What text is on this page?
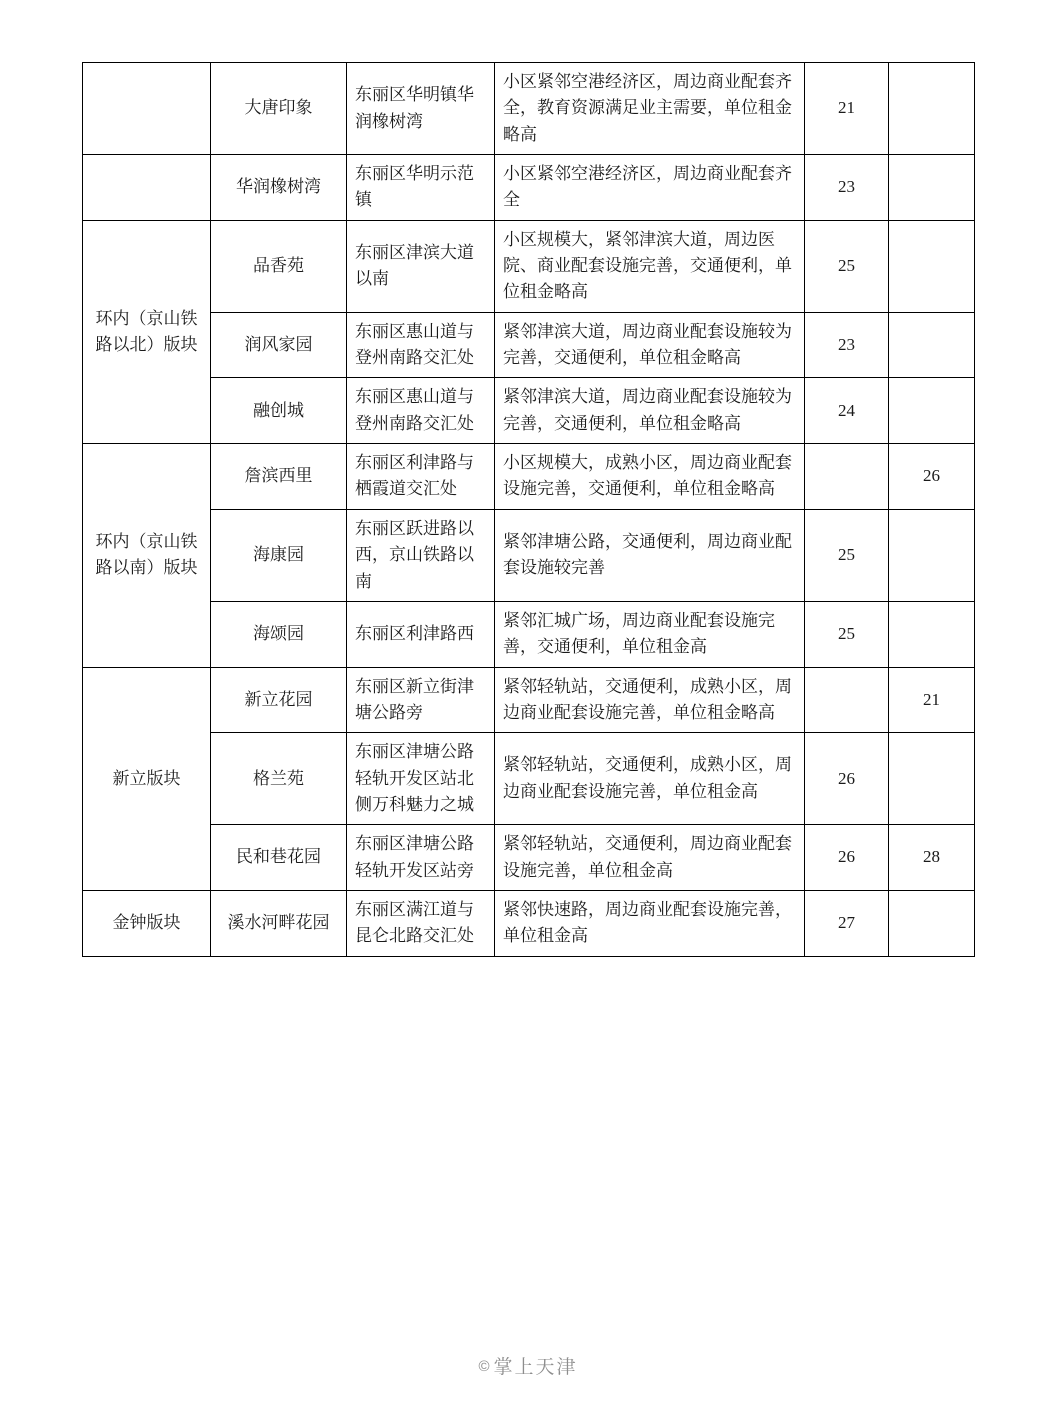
	大唐印象	东丽区华明镇华润橡树湾	小区紧邻空港经济区，周边商业配套齐全，教育资源满足业主需要，单位租金略高	21	
	华润橡树湾	东丽区华明示范镇	小区紧邻空港经济区，周边商业配套齐全	23	
环内（京山铁路以北）版块	品香苑	东丽区津滨大道以南	小区规模大，紧邻津滨大道，周边医院、商业配套设施完善，交通便利，单位租金略高	25	
	润风家园	东丽区惠山道与登州南路交汇处	紧邻津滨大道，周边商业配套设施较为完善，交通便利，单位租金略高	23	
	融创城	东丽区惠山道与登州南路交汇处	紧邻津滨大道，周边商业配套设施较为完善，交通便利，单位租金略高	24	
环内（京山铁路以南）版块	詹滨西里	东丽区利津路与栖霞道交汇处	小区规模大，成熟小区，周边商业配套设施完善，交通便利，单位租金略高		26
	海康园	东丽区跃进路以西，京山铁路以南	紧邻津塘公路，交通便利，周边商业配套设施较完善	25	
	海颂园	东丽区利津路西	紧邻汇城广场，周边商业配套设施完善，交通便利，单位租金高	25	
新立版块	新立花园	东丽区新立街津塘公路旁	紧邻轻轨站，交通便利，成熟小区，周边商业配套设施完善，单位租金略高		21
	格兰苑	东丽区津塘公路轻轨开发区站北侧万科魅力之城	紧邻轻轨站，交通便利，成熟小区，周边商业配套设施完善，单位租金高	26	
	民和巷花园	东丽区津塘公路轻轨开发区站旁	紧邻轻轨站，交通便利，周边商业配套设施完善，单位租金高	26	28
金钟版块	溪水河畔花园	东丽区满江道与昆仑北路交汇处	紧邻快速路，周边商业配套设施完善，单位租金高	27	
© 掌上天津
